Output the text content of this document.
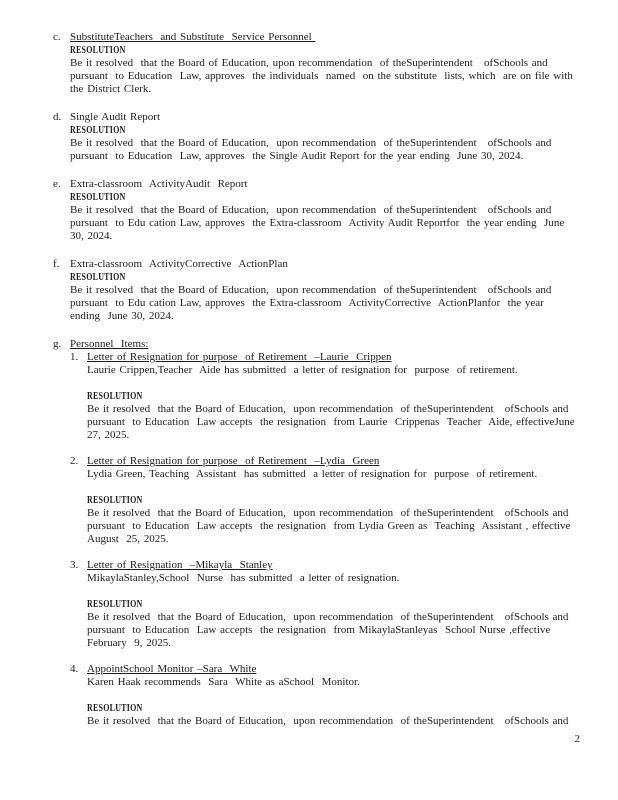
c. SubstituteTeachers  and Substitute  Service Personnel
RESOLUTION
Be it resolved  that the Board of Education, upon recommendation  of theSuperintendent   ofSchools and
pursuant  to Education  Law, approves  the individuals  named  on the substitute  lists, which  are on file with
the District Clerk.
d. Single Audit Report
RESOLUTION
Be it resolved  that the Board of Education,  upon recommendation  of theSuperintendent   ofSchools and
pursuant  to Education  Law, approves  the Single Audit Report for the year ending  June 30, 2024.
e. Extra-classroom  ActivityAudit  Report
RESOLUTION
Be it resolved  that the Board of Education,  upon recommendation  of theSuperintendent   ofSchools and
pursuant  to Edu cation Law, approves  the Extra-classroom  Activity Audit Reportfor  the year ending  June
30, 2024.
f. Extra-classroom  ActivityCorrective  ActionPlan
RESOLUTION
Be it resolved  that the Board of Education,  upon recommendation  of theSuperintendent   ofSchools and
pursuant  to Edu cation Law, approves  the Extra-classroom  ActivityCorrective  ActionPlanfor  the year
ending  June 30, 2024.
g. Personnel  Items:
1. Letter of Resignation for purpose  of Retirement  –Laurie  Crippen
Laurie Crippen,Teacher  Aide has submitted  a letter of resignation for  purpose  of retirement.
RESOLUTION
Be it resolved  that the Board of Education,  upon recommendation  of theSuperintendent   ofSchools and
pursuant  to Education  Law accepts  the resignation  from Laurie  Crippenas  Teacher  Aide, effectiveJune
27, 2025.
2. Letter of Resignation for purpose  of Retirement  –Lydia  Green
Lydia Green, Teaching  Assistant  has submitted  a letter of resignation for  purpose  of retirement.
RESOLUTION
Be it resolved  that the Board of Education,  upon recommendation  of theSuperintendent   ofSchools and
pursuant  to Education  Law accepts  the resignation  from Lydia Green as  Teaching  Assistant , effective
August  25, 2025.
3. Letter of Resignation  –Mikayla  Stanley
MikaylaStanley,School  Nurse  has submitted  a letter of resignation.
RESOLUTION
Be it resolved  that the Board of Education,  upon recommendation  of theSuperintendent   ofSchools and
pursuant  to Education  Law accepts  the resignation  from MikaylaStanleyas  School Nurse ,effective
February  9, 2025.
4. AppointSchool Monitor –Sara  White
Karen Haak recommends  Sara  White as aSchool  Monitor.
RESOLUTION
Be it resolved  that the Board of Education,  upon recommendation  of theSuperintendent   ofSchools and
2
